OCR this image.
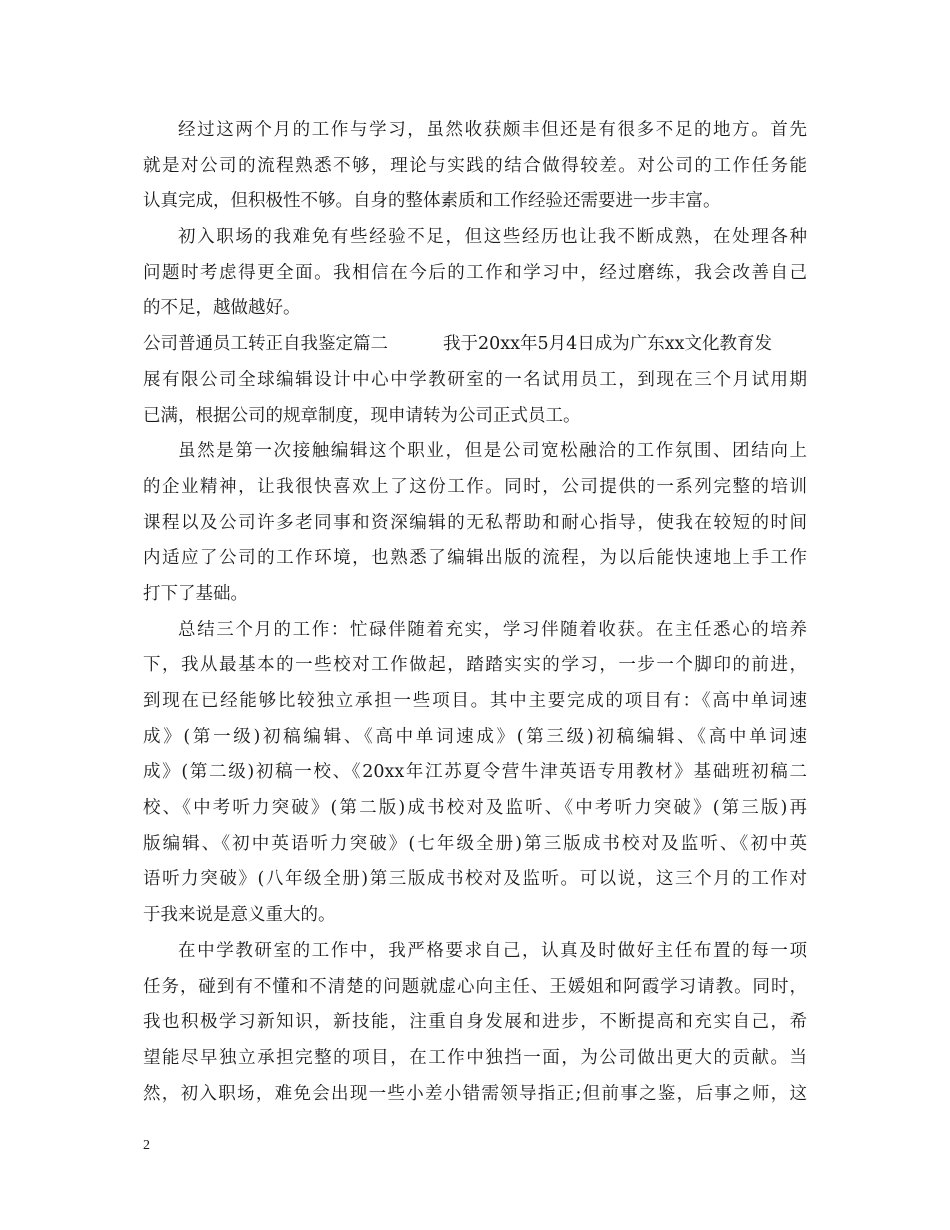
经过这两个月的工作与学习，虽然收获颇丰但还是有很多不足的地方。首先
就是对公司的流程熟悉不够，理论与实践的结合做得较差。对公司的工作任务能
认真完成，但积极性不够。自身的整体素质和工作经验还需要进一步丰富。
初入职场的我难免有些经验不足，但这些经历也让我不断成熟，在处理各种
问题时考虑得更全面。我相信在今后的工作和学习中，经过磨练，我会改善自己
的不足，越做越好。
公司普通员工转正自我鉴定篇二	我于20xx年5月4日成为广东xx文化教育发
展有限公司全球编辑设计中心中学教研室的一名试用员工，到现在三个月试用期
已满，根据公司的规章制度，现申请转为公司正式员工。
虽然是第一次接触编辑这个职业，但是公司宽松融洽的工作氛围、团结向上
的企业精神，让我很快喜欢上了这份工作。同时，公司提供的一系列完整的培训
课程以及公司许多老同事和资深编辑的无私帮助和耐心指导，使我在较短的时间
内适应了公司的工作环境，也熟悉了编辑出版的流程，为以后能快速地上手工作
打下了基础。
总结三个月的工作：忙碌伴随着充实，学习伴随着收获。在主任悉心的培养
下，我从最基本的一些校对工作做起，踏踏实实的学习，一步一个脚印的前进，
到现在已经能够比较独立承担一些项目。其中主要完成的项目有：《高中单词速
成》(第一级)初稿编辑、《高中单词速成》(第三级)初稿编辑、《高中单词速
成》(第二级)初稿一校、《20xx年江苏夏令营牛津英语专用教材》基础班初稿二
校、《中考听力突破》(第二版)成书校对及监听、《中考听力突破》(第三版)再
版编辑、《初中英语听力突破》(七年级全册)第三版成书校对及监听、《初中英
语听力突破》(八年级全册)第三版成书校对及监听。可以说，这三个月的工作对
于我来说是意义重大的。
在中学教研室的工作中，我严格要求自己，认真及时做好主任布置的每一项
任务，碰到有不懂和不清楚的问题就虚心向主任、王媛姐和阿霞学习请教。同时，
我也积极学习新知识，新技能，注重自身发展和进步，不断提高和充实自己，希
望能尽早独立承担完整的项目，在工作中独挡一面，为公司做出更大的贡献。当
然，初入职场，难免会出现一些小差小错需领导指正;但前事之鉴，后事之师，这
2
